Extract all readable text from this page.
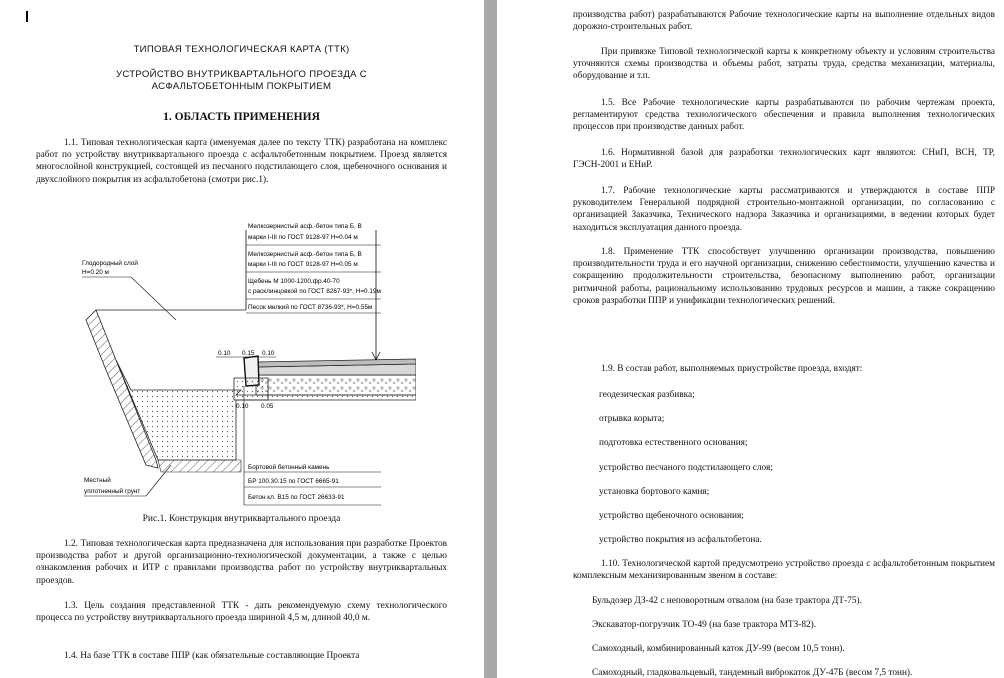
ТИПОВАЯ ТЕХНОЛОГИЧЕСКАЯ КАРТА (ТТК)
УСТРОЙСТВО ВНУТРИКВАРТАЛЬНОГО ПРОЕЗДА С АСФАЛЬТОБЕТОННЫМ ПОКРЫТИЕМ
1. ОБЛАСТЬ ПРИМЕНЕНИЯ

1.1. Типовая технологическая карта (именуемая далее по тексту ТТК) разработана на комплекс работ по устройству внутриквартального проезда с асфальтобетонным покрытием. Проезд является многослойной конструкцией, состоящей из песчаного подстилающего слоя, щебеночного основания и двухслойного покрытия из асфальтобетона (смотри рис.1).

Мелкозернистый асф.-бетон типа Б, В
марки I-III по ГОСТ 9128-97 H=0.04 м
Мелкозернистый асф.-бетон типа Б, В
марки I-III по ГОСТ 9128-97 H=0.05 м
Щебень М 1000-1200,фр.40-70
с расклинцовкой по ГОСТ 8267-93*, H=0.19м
Песок мелкий по ГОСТ 8736-93*, H=0.55м
Глодородный слой
H=0.20 м
0.10 0.15 0.10
0.10 0.05
Бортовой бетонный камень
БР 100.30.15 по ГОСТ 6665-91
Бетон кл. В15 по ГОСТ 26633-91
Местный
уплотненный грунт
Рис.1. Конструкция внутриквартального проезда

1.2. Типовая технологическая карта предназначена для использования при разработке Проектов производства работ и другой организационно-технологической документации, а также с целью ознакомления рабочих и ИТР с правилами производства работ по устройству внутриквартальных проездов.

1.3. Цель создания представленной ТТК - дать рекомендуемую схему технологического процесса по устройству внутриквартального проезда шириной 4,5 м, длиной 40,0 м.

1.4. На базе ТТК в составе ППР (как обязательные составляющие Проекта

производства работ) разрабатываются Рабочие технологические карты на выполнение отдельных видов дорожно-строительных работ.

При привязке Типовой технологической карты к конкретному объекту и условиям строительства уточняются схемы производства и объемы работ, затраты труда, средства механизации, материалы, оборудование и т.п.

1.5. Все Рабочие технологические карты разрабатываются по рабочим чертежам проекта, регламентируют средства технологического обеспечения и правила выполнения технологических процессов при производстве данных работ.

1.6. Нормативной базой для разработки технологических карт являются: СНиП, ВСН, ТР, ГЭСН-2001 и ЕНиР.

1.7. Рабочие технологические карты рассматриваются и утверждаются в составе ППР руководителем Генеральной подрядной строительно-монтажной организации, по согласованию с организацией Заказчика, Технического надзора Заказчика и организациями, в ведении которых будет находиться эксплуатация данного проезда.

1.8. Применение ТТК способствует улучшению организации производства, повышению производительности труда и его научной организации, снижению себестоимости, улучшению качества и сокращению продолжительности строительства, безопасному выполнению работ, организации ритмичной работы, рациональному использованию трудовых ресурсов и машин, а также сокращению сроков разработки ППР и унификации технологических решений.

1.9. В состав работ, выполняемых приустройстве проезда, входят:

геодезическая разбивка;

отрывка корыта;

подготовка естественного основания;

устройство песчаного подстилающего слоя;

установка бортового камня;

устройство щебеночного основания;

устройство покрытия из асфальтобетона.

1.10. Технологической картой предусмотрено устройство проезда с асфальтобетонным покрытием комплексным механизированным звеном в составе:

Бульдозер ДЗ-42 с неповоротным отвалом (на базе трактора ДТ-75).

Экскаватор-погрузчик ТО-49 (на базе трактора МТЗ-82).

Самоходный, комбинированный каток ДУ-99 (весом 10,5 тонн).

Самоходный, гладковальцевый, тандемный виброкаток ДУ-47Б (весом 7,5 тонн).
